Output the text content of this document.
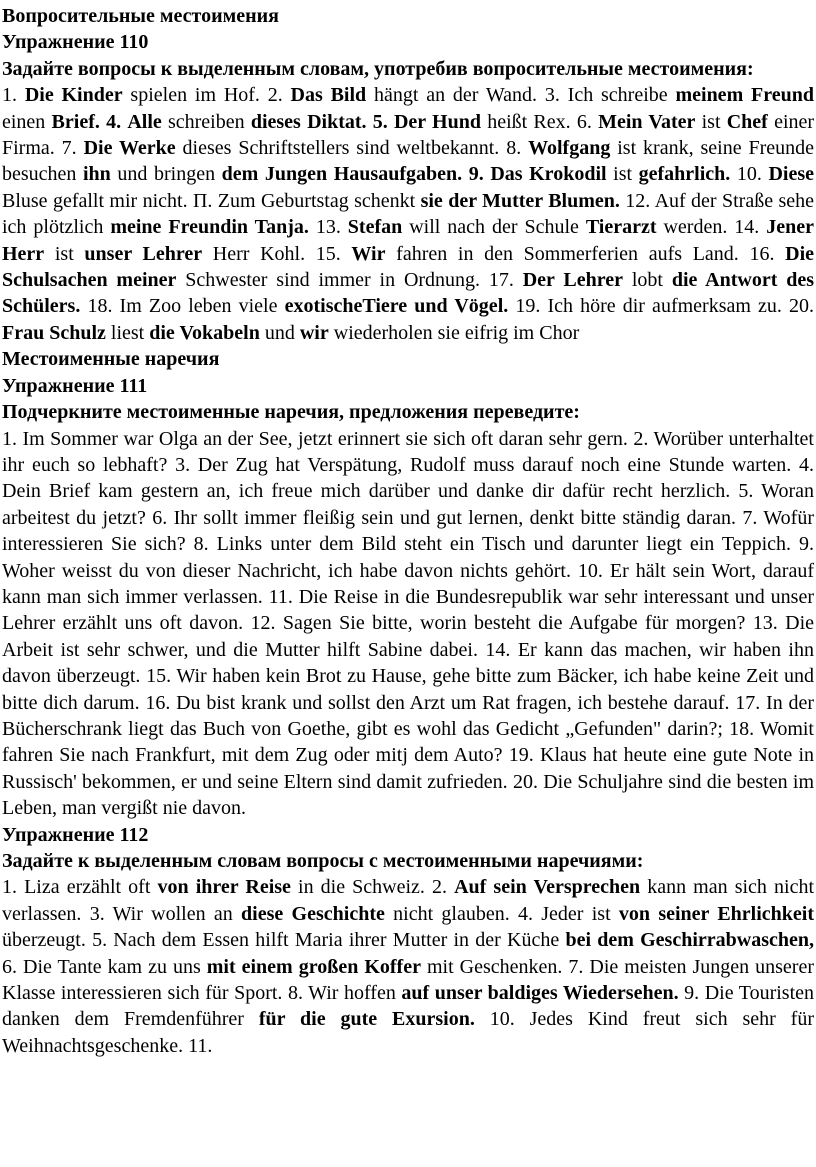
Вопросительные местоимения

Упражнение 110

Задайте вопросы к выделенным словам, употребив вопросительные местоимения:

1. Die Kinder spielen im Hof. 2. Das Bild hängt an der Wand. 3. Ich schreibe meinem Freund einen Brief. 4. Alle schreiben dieses Diktat. 5. Der Hund heißt Rex. 6. Mein Vater ist Chef einer Firma. 7. Die Werke dieses Schriftstellers sind weltbekannt. 8. Wolfgang ist krank, seine Freunde besuchen ihn und bringen dem Jungen Hausaufgaben. 9. Das Krokodil ist gefahrlich. 10. Diese Bluse gefallt mir nicht. П. Zum Geburtstag schenkt sie der Mutter Blumen. 12. Auf der Straße sehe ich plötzlich meine Freundin Tanja. 13. Stefan will nach der Schule Tierarzt werden. 14. Jener Herr ist unser Lehrer Herr Kohl. 15. Wir fahren in den Sommerferien aufs Land. 16. Die Schulsachen meiner Schwester sind immer in Ordnung. 17. Der Lehrer lobt die Antwort des Schülers. 18. Im Zoo leben viele exotischeTiere und Vögel. 19. Ich höre dir aufmerksam zu. 20. Frau Schulz liest die Vokabeln und wir wiederholen sie eifrig im Chor

Местоименные наречия

Упражнение 111

Подчеркните местоименные наречия, предложения переведите:

1. Im Sommer war Olga an der See, jetzt erinnert sie sich oft daran sehr gern. 2. Worüber unterhaltet ihr euch so lebhaft? 3. Der Zug hat Verspätung, Rudolf muss darauf noch eine Stunde warten. 4. Dein Brief kam gestern an, ich freue mich darüber und danke dir dafür recht herzlich. 5. Woran arbeitest du jetzt? 6. Ihr sollt immer fleißig sein und gut lernen, denkt bitte ständig daran. 7. Wofür interessieren Sie sich? 8. Links unter dem Bild steht ein Tisch und darunter liegt ein Teppich. 9. Woher weisst du von dieser Nachricht, ich habe davon nichts gehört. 10. Er hält sein Wort, darauf kann man sich immer verlassen. 11. Die Reise in die Bundesrepublik war sehr interessant und unser Lehrer erzählt uns oft davon. 12. Sagen Sie bitte, worin besteht die Aufgabe für morgen? 13. Die Arbeit ist sehr schwer, und die Mutter hilft Sabine dabei. 14. Er kann das machen, wir haben ihn davon überzeugt. 15. Wir haben kein Brot zu Hause, gehe bitte zum Bäcker, ich habe keine Zeit und bitte dich darum. 16. Du bist krank und sollst den Arzt um Rat fragen, ich bestehe darauf. 17. In der Bücherschrank liegt das Buch von Goethe, gibt es wohl das Gedicht „Gefunden" darin?; 18. Womit fahren Sie nach Frankfurt, mit dem Zug oder mitj dem Auto? 19. Klaus hat heute eine gute Note in Russisch' bekommen, er und seine Eltern sind damit zufrieden. 20. Die Schuljahre sind die besten im Leben, man vergißt nie davon.

Упражнение 112

Задайте к выделенным словам вопросы с местоименными наречиями:

1. Liza erzählt oft von ihrer Reise in die Schweiz. 2. Auf sein Versprechen kann man sich nicht verlassen. 3. Wir wollen an diese Geschichte nicht glauben. 4. Jeder ist von seiner Ehrlichkeit überzeugt. 5. Nach dem Essen hilft Maria ihrer Mutter in der Küche bei dem Geschirrabwaschen, 6. Die Tante kam zu uns mit einem großen Koffer mit Geschenken. 7. Die meisten Jungen unserer Klasse interessieren sich für Sport. 8. Wir hoffen auf unser baldiges Wiedersehen. 9. Die Touristen danken dem Fremdenführer für die gute Exursion. 10. Jedes Kind freut sich sehr für Weihnachtsgeschenke. 11.
